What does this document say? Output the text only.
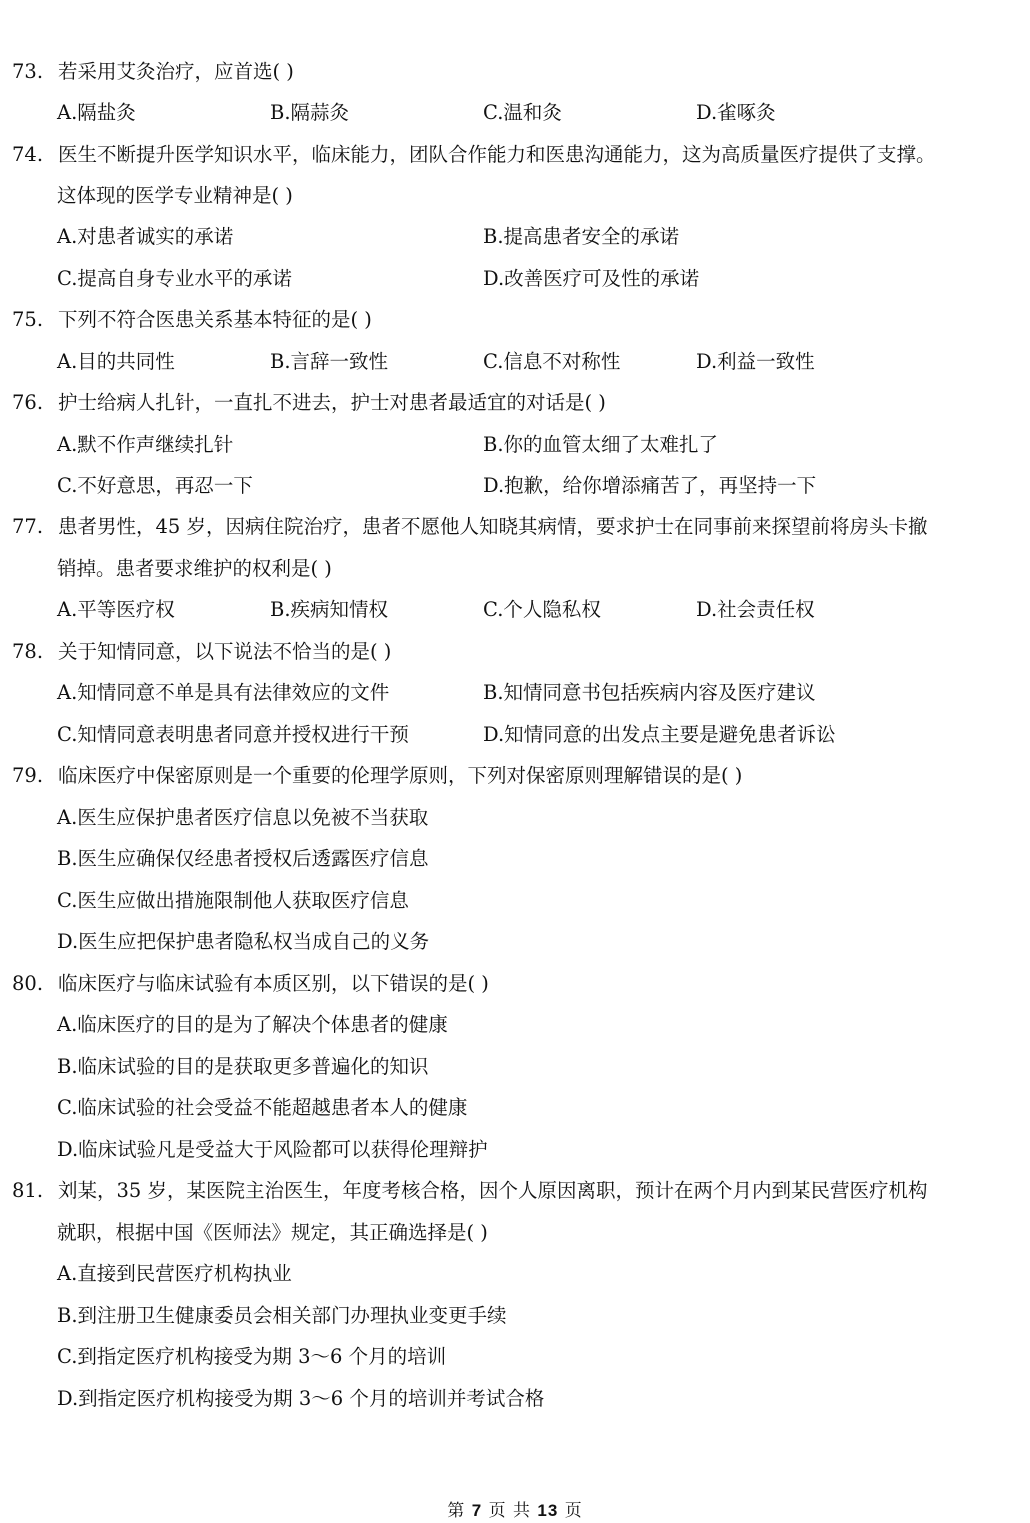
73. 若采用艾灸治疗，应首选( )
A.隔盐灸	B.隔蒜灸	C.温和灸	D.雀啄灸
74. 医生不断提升医学知识水平，临床能力，团队合作能力和医患沟通能力，这为高质量医疗提供了支撑。
这体现的医学专业精神是( )
A.对患者诚实的承诺	B.提高患者安全的承诺
C.提高自身专业水平的承诺	D.改善医疗可及性的承诺
75. 下列不符合医患关系基本特征的是( )
A.目的共同性	B.言辞一致性	C.信息不对称性	D.利益一致性
76. 护士给病人扎针，一直扎不进去，护士对患者最适宜的对话是( )
A.默不作声继续扎针	B.你的血管太细了太难扎了
C.不好意思，再忍一下	D.抱歉，给你增添痛苦了，再坚持一下
77. 患者男性，45 岁，因病住院治疗，患者不愿他人知晓其病情，要求护士在同事前来探望前将房头卡撤
销掉。患者要求维护的权利是( )
A.平等医疗权	B.疾病知情权	C.个人隐私权	D.社会责任权
78. 关于知情同意，以下说法不恰当的是( )
A.知情同意不单是具有法律效应的文件	B.知情同意书包括疾病内容及医疗建议
C.知情同意表明患者同意并授权进行干预	D.知情同意的出发点主要是避免患者诉讼
79. 临床医疗中保密原则是一个重要的伦理学原则，下列对保密原则理解错误的是( )
A.医生应保护患者医疗信息以免被不当获取
B.医生应确保仅经患者授权后透露医疗信息
C.医生应做出措施限制他人获取医疗信息
D.医生应把保护患者隐私权当成自己的义务
80. 临床医疗与临床试验有本质区别，以下错误的是( )
A.临床医疗的目的是为了解决个体患者的健康
B.临床试验的目的是获取更多普遍化的知识
C.临床试验的社会受益不能超越患者本人的健康
D.临床试验凡是受益大于风险都可以获得伦理辩护
81. 刘某，35 岁，某医院主治医生，年度考核合格，因个人原因离职，预计在两个月内到某民营医疗机构
就职，根据中国《医师法》规定，其正确选择是( )
A.直接到民营医疗机构执业
B.到注册卫生健康委员会相关部门办理执业变更手续
C.到指定医疗机构接受为期 3～6 个月的培训
D.到指定医疗机构接受为期 3～6 个月的培训并考试合格
第 7 页 共 13 页
